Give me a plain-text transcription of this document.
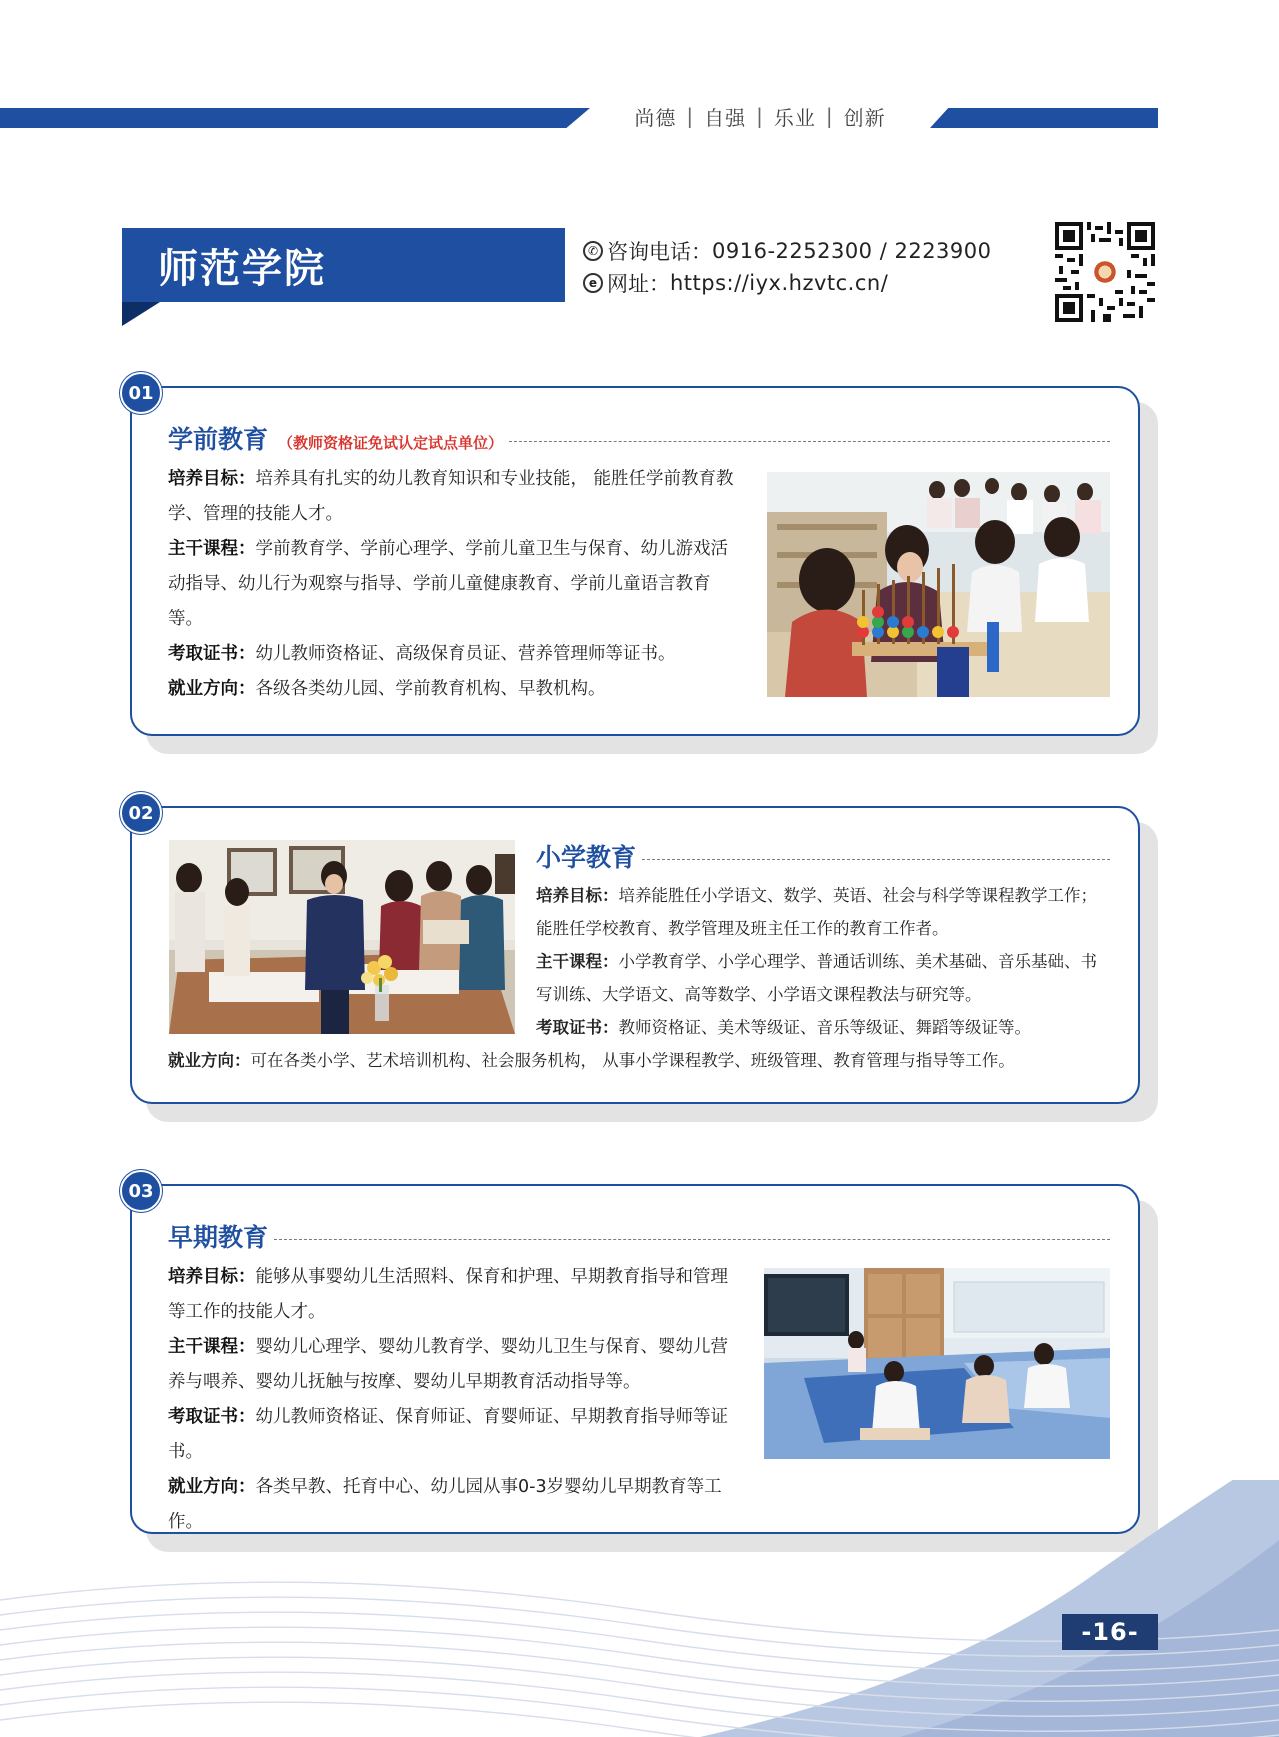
尚德 | 自强 | 乐业 | 创新
师范学院	✆ 咨询电话： 0916-2252300 / 2223900
e 网址： https://iyx.hzvtc.cn/
01
学前教育 （教师资格证免试认定试点单位）
培养目标：培养具有扎实的幼儿教育知识和专业技能， 能胜任学前教育教学、管理的技能人才。
主干课程：学前教育学、学前心理学、学前儿童卫生与保育、幼儿游戏活动指导、幼儿行为观察与指导、学前儿童健康教育、学前儿童语言教育等。
考取证书：幼儿教师资格证、高级保育员证、营养管理师等证书。
就业方向：各级各类幼儿园、学前教育机构、早教机构。
02
小学教育
培养目标：培养能胜任小学语文、数学、英语、社会与科学等课程教学工作；能胜任学校教育、教学管理及班主任工作的教育工作者。
主干课程：小学教育学、小学心理学、普通话训练、美术基础、音乐基础、书写训练、大学语文、高等数学、小学语文课程教法与研究等。
考取证书：教师资格证、美术等级证、音乐等级证、舞蹈等级证等。
就业方向：可在各类小学、艺术培训机构、社会服务机构， 从事小学课程教学、班级管理、教育管理与指导等工作。
03
早期教育
培养目标：能够从事婴幼儿生活照料、保育和护理、早期教育指导和管理等工作的技能人才。
主干课程：婴幼儿心理学、婴幼儿教育学、婴幼儿卫生与保育、婴幼儿营养与喂养、婴幼儿抚触与按摩、婴幼儿早期教育活动指导等。
考取证书：幼儿教师资格证、保育师证、育婴师证、早期教育指导师等证书。
就业方向：各类早教、托育中心、幼儿园从事0-3岁婴幼儿早期教育等工作。
-16-
